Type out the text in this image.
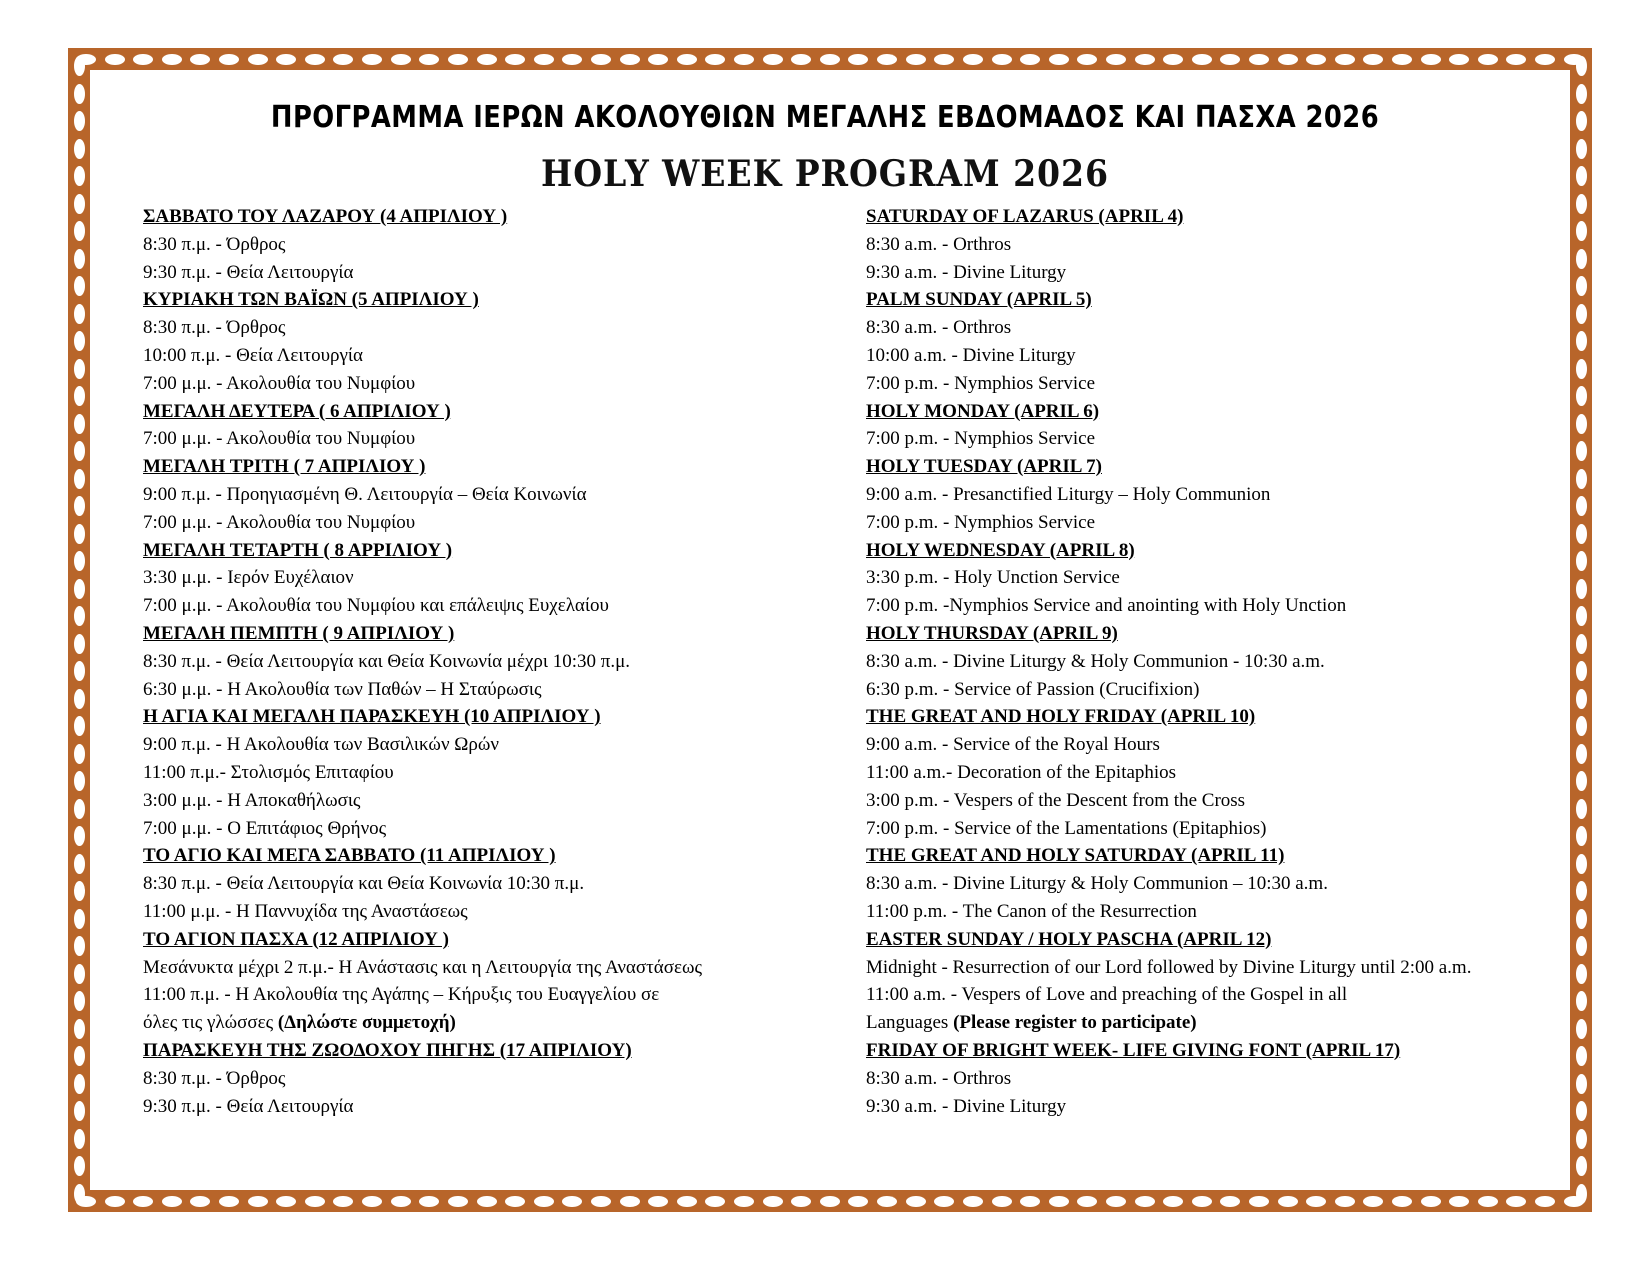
ΠΡΟΓΡΑΜΜΑ ΙΕΡΩΝ ΑΚΟΛΟΥΘΙΩΝ ΜΕΓΑΛΗΣ ΕΒΔΟΜΑΔΟΣ ΚΑΙ ΠΑΣΧΑ 2026
HOLY WEEK PROGRAM 2026
ΣΑΒΒΑΤΟ ΤΟΥ ΛΑΖΑΡΟΥ (4 ΑΠΡΙΛΙΟΥ )
8:30 π.μ. - Όρθρος
9:30 π.μ. - Θεία Λειτουργία
ΚΥΡΙΑΚΗ ΤΩΝ ΒΑΪΩΝ (5 ΑΠΡΙΛΙΟΥ )
8:30 π.μ. - Όρθρος
10:00 π.μ. - Θεία Λειτουργία
7:00 μ.μ. - Ακολουθία του Νυμφίου
ΜΕΓΑΛΗ ΔΕΥΤΕΡΑ ( 6 ΑΠΡΙΛΙΟΥ )
7:00 μ.μ. - Ακολουθία του Νυμφίου
ΜΕΓΑΛΗ ΤΡΙΤΗ ( 7 ΑΠΡΙΛΙΟΥ )
9:00 π.μ. - Προηγιασμένη Θ. Λειτουργία – Θεία Κοινωνία
7:00 μ.μ. - Ακολουθία του Νυμφίου
ΜΕΓΑΛΗ ΤΕΤΑΡΤΗ ( 8 ΑΡΡΙΛΙΟΥ )
3:30 μ.μ. - Ιερόν Ευχέλαιον
7:00 μ.μ. - Ακολουθία του Νυμφίου και επάλειψις Ευχελαίου
ΜΕΓΑΛΗ ΠΕΜΠΤΗ ( 9 ΑΠΡΙΛΙΟΥ )
8:30 π.μ. - Θεία Λειτουργία και Θεία Κοινωνία μέχρι 10:30 π.μ.
6:30 μ.μ. - Η Ακολουθία των Παθών – Η Σταύρωσις
Η ΑΓΙΑ ΚΑΙ ΜΕΓΑΛΗ ΠΑΡΑΣΚΕΥΗ (10 ΑΠΡΙΛΙΟΥ )
9:00 π.μ. - Η Ακολουθία των Βασιλικών Ωρών
11:00 π.μ.- Στολισμός Επιταφίου
3:00 μ.μ. - Η Αποκαθήλωσις
7:00 μ.μ. - Ο Επιτάφιος Θρήνος
ΤΟ ΑΓΙΟ ΚΑΙ ΜΕΓΑ ΣΑΒΒΑΤΟ (11 ΑΠΡΙΛΙΟΥ )
8:30 π.μ. - Θεία Λειτουργία και Θεία Κοινωνία 10:30 π.μ.
11:00 μ.μ. - Η Παννυχίδα της Αναστάσεως
ΤΟ ΑΓΙΟΝ ΠΑΣΧΑ (12 ΑΠΡΙΛΙΟΥ )
Μεσάνυκτα μέχρι 2 π.μ.- Η Ανάστασις και η Λειτουργία της Αναστάσεως
11:00 π.μ. - Η Ακολουθία της Αγάπης – Κήρυξις του Ευαγγελίου σε
όλες τις γλώσσες (Δηλώστε συμμετοχή)
ΠΑΡΑΣΚΕΥΗ ΤΗΣ ΖΩΟΔΟΧΟΥ ΠΗΓΗΣ (17 ΑΠΡΙΛΙΟΥ)
8:30 π.μ. - Όρθρος
9:30 π.μ. - Θεία Λειτουργία
SATURDAY OF LAZARUS (APRIL 4)
8:30 a.m. - Orthros
9:30 a.m. - Divine Liturgy
PALM SUNDAY (APRIL 5)
8:30 a.m. - Orthros
10:00 a.m. - Divine Liturgy
7:00 p.m. - Nymphios Service
HOLY MONDAY (APRIL 6)
7:00 p.m. - Nymphios Service
HOLY TUESDAY (APRIL 7)
9:00 a.m. - Presanctified Liturgy – Holy Communion
7:00 p.m. - Nymphios Service
HOLY WEDNESDAY (APRIL 8)
3:30 p.m. - Holy Unction Service
7:00 p.m. -Nymphios Service and anointing with Holy Unction
HOLY THURSDAY (APRIL 9)
8:30 a.m. - Divine Liturgy & Holy Communion - 10:30 a.m.
6:30 p.m. - Service of Passion (Crucifixion)
THE GREAT AND HOLY FRIDAY (APRIL 10)
9:00 a.m. - Service of the Royal Hours
11:00 a.m.- Decoration of the Epitaphios
3:00 p.m. - Vespers of the Descent from the Cross
7:00 p.m. - Service of the Lamentations (Epitaphios)
THE GREAT AND HOLY SATURDAY (APRIL 11)
8:30 a.m. - Divine Liturgy & Holy Communion – 10:30 a.m.
11:00 p.m. - The Canon of the Resurrection
EASTER SUNDAY / HOLY PASCHA (APRIL 12)
Midnight - Resurrection of our Lord followed by Divine Liturgy until 2:00 a.m.
11:00 a.m. - Vespers of Love and preaching of the Gospel in all
Languages (Please register to participate)
FRIDAY OF BRIGHT WEEK- LIFE GIVING FONT (APRIL 17)
8:30 a.m. - Orthros
9:30 a.m. - Divine Liturgy
